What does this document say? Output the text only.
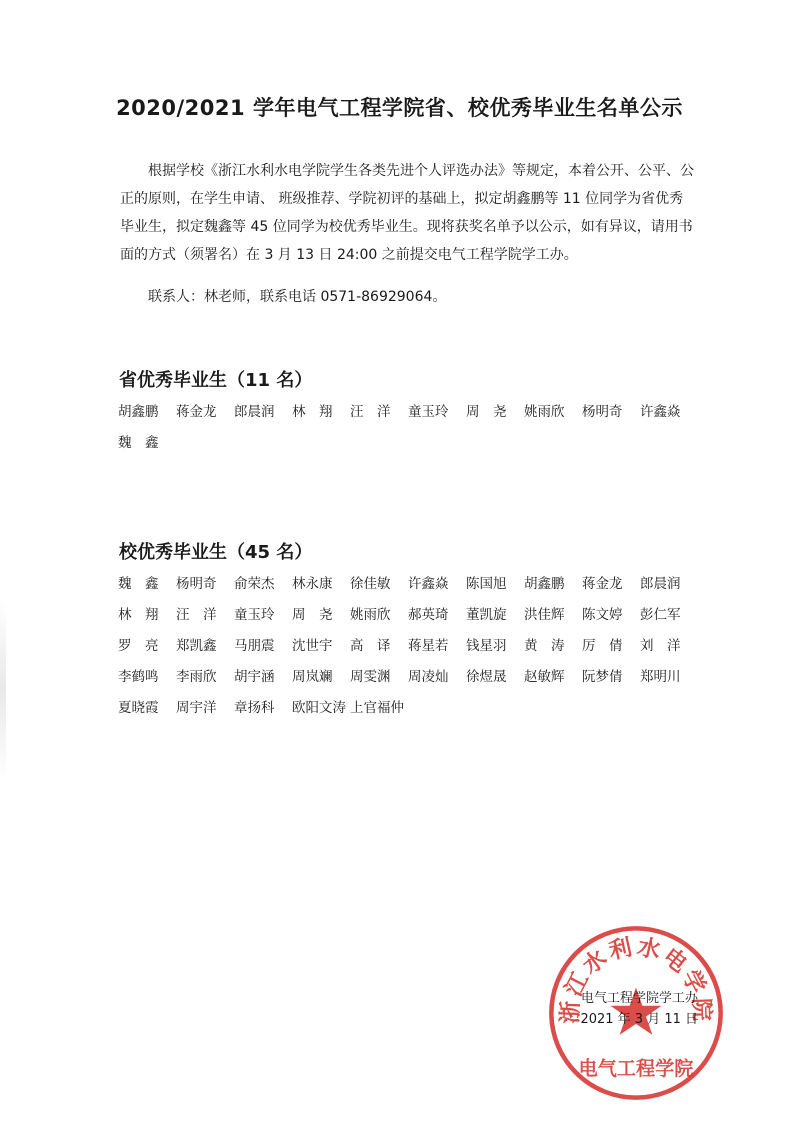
2020/2021 学年电气工程学院省、校优秀毕业生名单公示
根据学校《浙江水利水电学院学生各类先进个人评选办法》等规定，本着公开、公平、公正的原则，在学生申请、 班级推荐、学院初评的基础上，拟定胡鑫鹏等 11 位同学为省优秀毕业生，拟定魏鑫等 45 位同学为校优秀毕业生。现将获奖名单予以公示，如有异议，请用书面的方式（须署名）在 3 月 13 日 24:00 之前提交电气工程学院学工办。
联系人：林老师，联系电话 0571-86929064。
省优秀毕业生（11 名）
胡鑫鹏	蒋金龙	郎晨润	林　翔	汪　洋	童玉玲	周　尧	姚雨欣	杨明奇	许鑫焱
魏　鑫
校优秀毕业生（45 名）
魏　鑫	杨明奇	俞荣杰	林永康	徐佳敏	许鑫焱	陈国旭	胡鑫鹏	蒋金龙	郎晨润
林　翔	汪　洋	童玉玲	周　尧	姚雨欣	郝英琦	董凯旋	洪佳辉	陈文婷	彭仁军
罗　亮	郑凯鑫	马朋震	沈世宇	高　译	蒋星若	钱星羽	黄　涛	厉　倩	刘　洋
李鹤鸣	李雨欣	胡宇涵	周岚斓	周雯渊	周凌灿	徐煜晟	赵敏辉	阮梦倩	郑明川
夏晓霞	周宇洋	章扬科	欧阳文涛 上官福仲
浙江水利水电学院
电气工程学院
电气工程学院学工办
2021 年 3 月 11 日
